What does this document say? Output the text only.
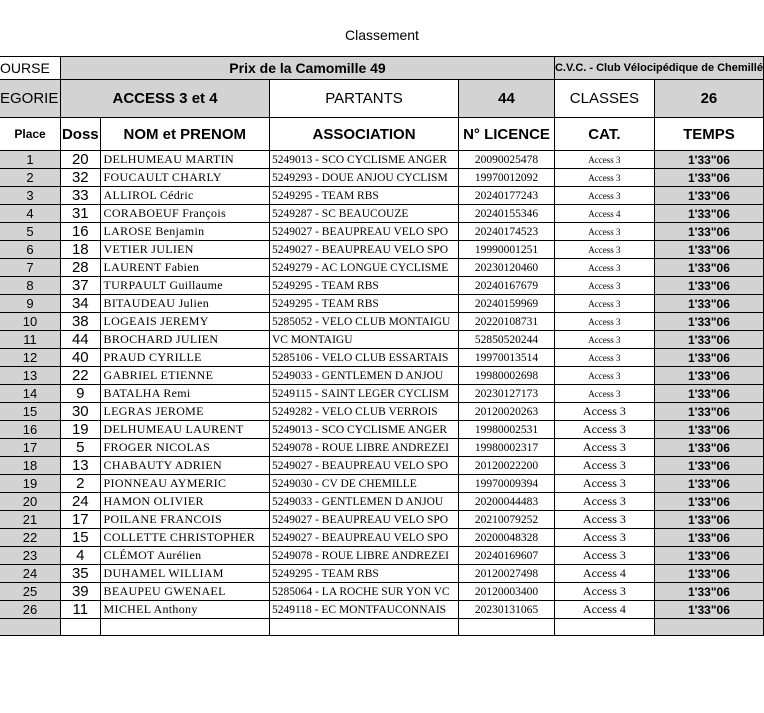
Classement
OURSE	Prix de la Camomille 49				C.V.C. - Club Vélocipédique de Chemillé	
EGORIE	ACCESS 3 et 4		PARTANTS	44	CLASSES	26
Place	Doss	NOM et PRENOM	ASSOCIATION	N° LICENCE	CAT.	TEMPS
1	20	DELHUMEAU MARTIN	5249013 - SCO CYCLISME ANGER	20090025478	Access 3	1'33"06
2	32	FOUCAULT CHARLY	5249293 - DOUE ANJOU CYCLISM	19970012092	Access 3	1'33"06
3	33	ALLIROL Cédric	5249295 - TEAM RBS	20240177243	Access 3	1'33"06
4	31	CORABOEUF François	5249287 - SC BEAUCOUZE	20240155346	Access 4	1'33"06
5	16	LAROSE Benjamin	5249027 - BEAUPREAU VELO SPO	20240174523	Access 3	1'33"06
6	18	VETIER JULIEN	5249027 - BEAUPREAU VELO SPO	19990001251	Access 3	1'33"06
7	28	LAURENT Fabien	5249279 - AC LONGUE CYCLISME	20230120460	Access 3	1'33"06
8	37	TURPAULT Guillaume	5249295 - TEAM RBS	20240167679	Access 3	1'33"06
9	34	BITAUDEAU Julien	5249295 - TEAM RBS	20240159969	Access 3	1'33"06
10	38	LOGEAIS JEREMY	5285052 - VELO CLUB MONTAIGU	20220108731	Access 3	1'33"06
11	44	BROCHARD JULIEN	VC MONTAIGU	52850520244	Access 3	1'33"06
12	40	PRAUD CYRILLE	5285106 - VELO CLUB ESSARTAIS	19970013514	Access 3	1'33"06
13	22	GABRIEL ETIENNE	5249033 - GENTLEMEN D ANJOU	19980002698	Access 3	1'33"06
14	9	BATALHA Remi	5249115 - SAINT LEGER CYCLISM	20230127173	Access 3	1'33"06
15	30	LEGRAS JEROME	5249282 - VELO CLUB VERROIS	20120020263	Access 3	1'33"06
16	19	DELHUMEAU LAURENT	5249013 - SCO CYCLISME ANGER	19980002531	Access 3	1'33"06
17	5	FROGER NICOLAS	5249078 - ROUE LIBRE ANDREZEI	19980002317	Access 3	1'33"06
18	13	CHABAUTY ADRIEN	5249027 - BEAUPREAU VELO SPO	20120022200	Access 3	1'33"06
19	2	PIONNEAU AYMERIC	5249030 - CV DE CHEMILLE	19970009394	Access 3	1'33"06
20	24	HAMON OLIVIER	5249033 - GENTLEMEN D ANJOU	20200044483	Access 3	1'33"06
21	17	POILANE FRANCOIS	5249027 - BEAUPREAU VELO SPO	20210079252	Access 3	1'33"06
22	15	COLLETTE CHRISTOPHER	5249027 - BEAUPREAU VELO SPO	20200048328	Access 3	1'33"06
23	4	CLÉMOT Aurélien	5249078 - ROUE LIBRE ANDREZEI	20240169607	Access 3	1'33"06
24	35	DUHAMEL WILLIAM	5249295 - TEAM RBS	20120027498	Access 4	1'33"06
25	39	BEAUPEU GWENAEL	5285064 - LA ROCHE SUR YON VC	20120003400	Access 3	1'33"06
26	11	MICHEL Anthony	5249118 - EC MONTFAUCONNAIS	20230131065	Access 4	1'33"06
